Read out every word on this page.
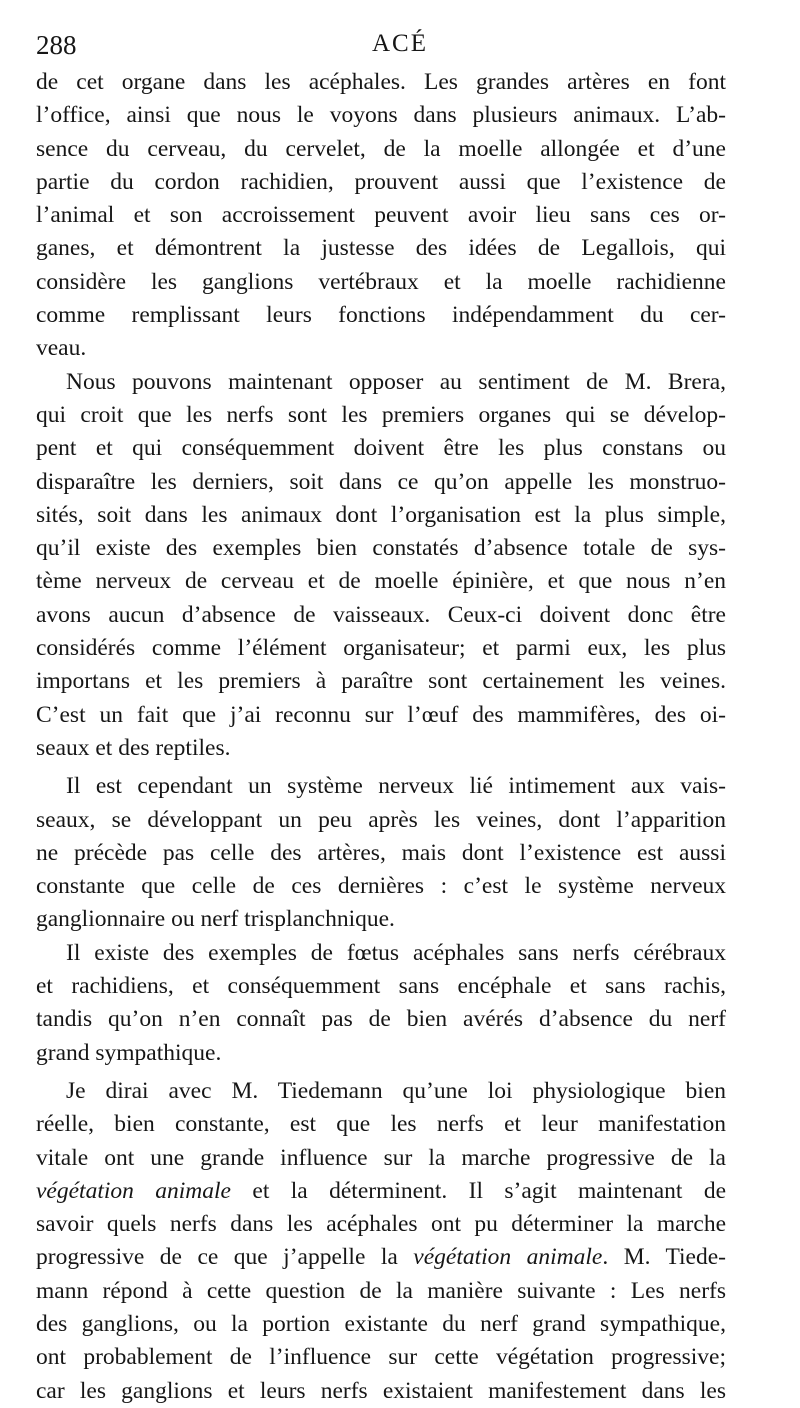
288	ACÉ
de cet organe dans les acéphales. Les grandes artères en font
l’office, ainsi que nous le voyons dans plusieurs animaux. L’ab-
sence du cerveau, du cervelet, de la moelle allongée et d’une
partie du cordon rachidien, prouvent aussi que l’existence de
l’animal et son accroissement peuvent avoir lieu sans ces or-
ganes, et démontrent la justesse des idées de Legallois, qui
considère les ganglions vertébraux et la moelle rachidienne
comme remplissant leurs fonctions indépendamment du cer-
veau.
Nous pouvons maintenant opposer au sentiment de M. Brera,
qui croit que les nerfs sont les premiers organes qui se dévelop-
pent et qui conséquemment doivent être les plus constans ou
disparaître les derniers, soit dans ce qu’on appelle les monstruo-
sités, soit dans les animaux dont l’organisation est la plus simple,
qu’il existe des exemples bien constatés d’absence totale de sys-
tème nerveux de cerveau et de moelle épinière, et que nous n’en
avons aucun d’absence de vaisseaux. Ceux-ci doivent donc être
considérés comme l’élément organisateur; et parmi eux, les plus
importans et les premiers à paraître sont certainement les veines.
C’est un fait que j’ai reconnu sur l’œuf des mammifères, des oi-
seaux et des reptiles.
Il est cependant un système nerveux lié intimement aux vais-
seaux, se développant un peu après les veines, dont l’apparition
ne précède pas celle des artères, mais dont l’existence est aussi
constante que celle de ces dernières : c’est le système nerveux
ganglionnaire ou nerf trisplanchnique.
Il existe des exemples de fœtus acéphales sans nerfs cérébraux
et rachidiens, et conséquemment sans encéphale et sans rachis,
tandis qu’on n’en connaît pas de bien avérés d’absence du nerf
grand sympathique.
Je dirai avec M. Tiedemann qu’une loi physiologique bien
réelle, bien constante, est que les nerfs et leur manifestation
vitale ont une grande influence sur la marche progressive de la
végétation animale et la déterminent. Il s’agit maintenant de
savoir quels nerfs dans les acéphales ont pu déterminer la marche
progressive de ce que j’appelle la végétation animale. M. Tiede-
mann répond à cette question de la manière suivante : Les nerfs
des ganglions, ou la portion existante du nerf grand sympathique,
ont probablement de l’influence sur cette végétation progressive;
car les ganglions et leurs nerfs existaient manifestement dans les
